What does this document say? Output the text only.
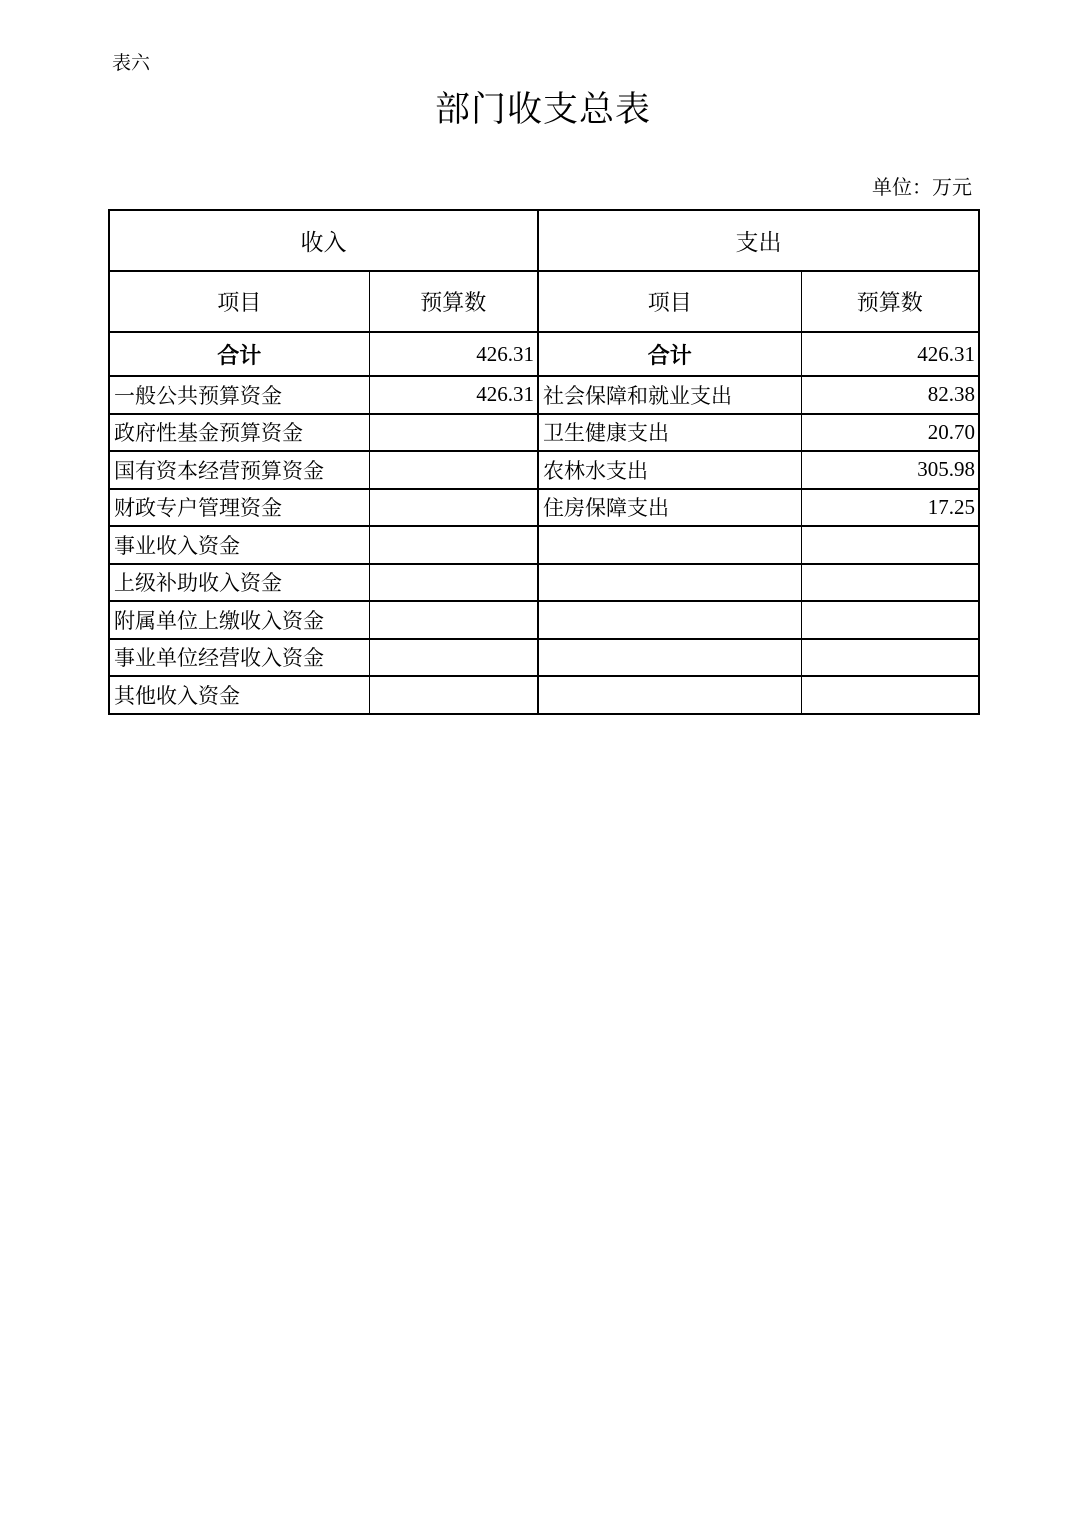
表六
部门收支总表
单位：万元
收入		支出	
项目	预算数	项目	预算数
合计	426.31	合计	426.31
一般公共预算资金	426.31	社会保障和就业支出	82.38
政府性基金预算资金		卫生健康支出	20.70
国有资本经营预算资金		农林水支出	305.98
财政专户管理资金		住房保障支出	17.25
事业收入资金			
上级补助收入资金			
附属单位上缴收入资金			
事业单位经营收入资金			
其他收入资金			
